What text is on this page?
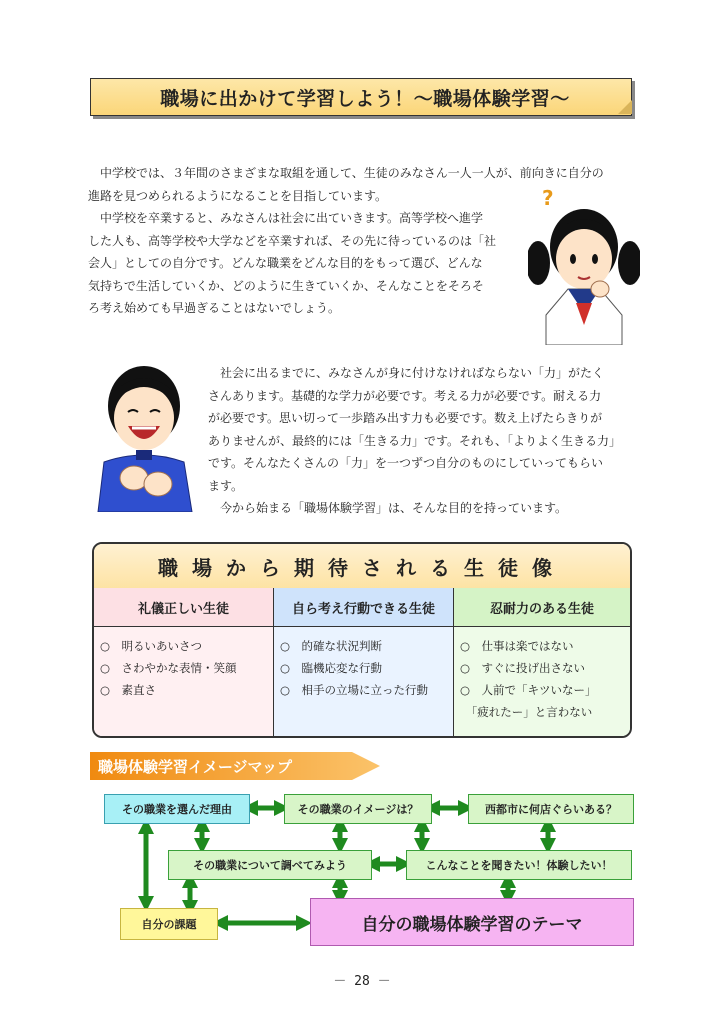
職場に出かけて学習しよう！〜職場体験学習〜
　中学校では、３年間のさまざまな取組を通して、生徒のみなさん一人一人が、前向きに自分の
進路を見つめられるようになることを目指しています。
　中学校を卒業すると、みなさんは社会に出ていきます。高等学校へ進学
した人も、高等学校や大学などを卒業すれば、その先に待っているのは「社
会人」としての自分です。どんな職業をどんな目的をもって選び、どんな
気持ちで生活していくか、どのように生きていくか、そんなことをそろそ
ろ考え始めても早過ぎることはないでしょう。
?
　社会に出るまでに、みなさんが身に付けなければならない「力」がたく
さんあります。基礎的な学力が必要です。考える力が必要です。耐える力
が必要です。思い切って一歩踏み出す力も必要です。数え上げたらきりが
ありませんが、最終的には「生きる力」です。それも、「よりよく生きる力」
です。そんなたくさんの「力」を一つずつ自分のものにしていってもらい
ます。
　今から始まる「職場体験学習」は、そんな目的を持っています。
職場から期待される生徒像
礼儀正しい生徒
○　明るいあいさつ
○　さわやかな表情・笑顔
○　素直さ
自ら考え行動できる生徒
○　的確な状況判断
○　臨機応変な行動
○　相手の立場に立った行動
忍耐力のある生徒
○　仕事は楽ではない
○　すぐに投げ出さない
○　人前で「キツいなー」
　「疲れたー」と言わない
職場体験学習イメージマップ
その職業を選んだ理由	その職業のイメージは？	西都市に何店ぐらいある？
その職業について調べてみよう	こんなことを聞きたい！体験したい！
自分の課題	自分の職場体験学習のテーマ
－ 28 －
